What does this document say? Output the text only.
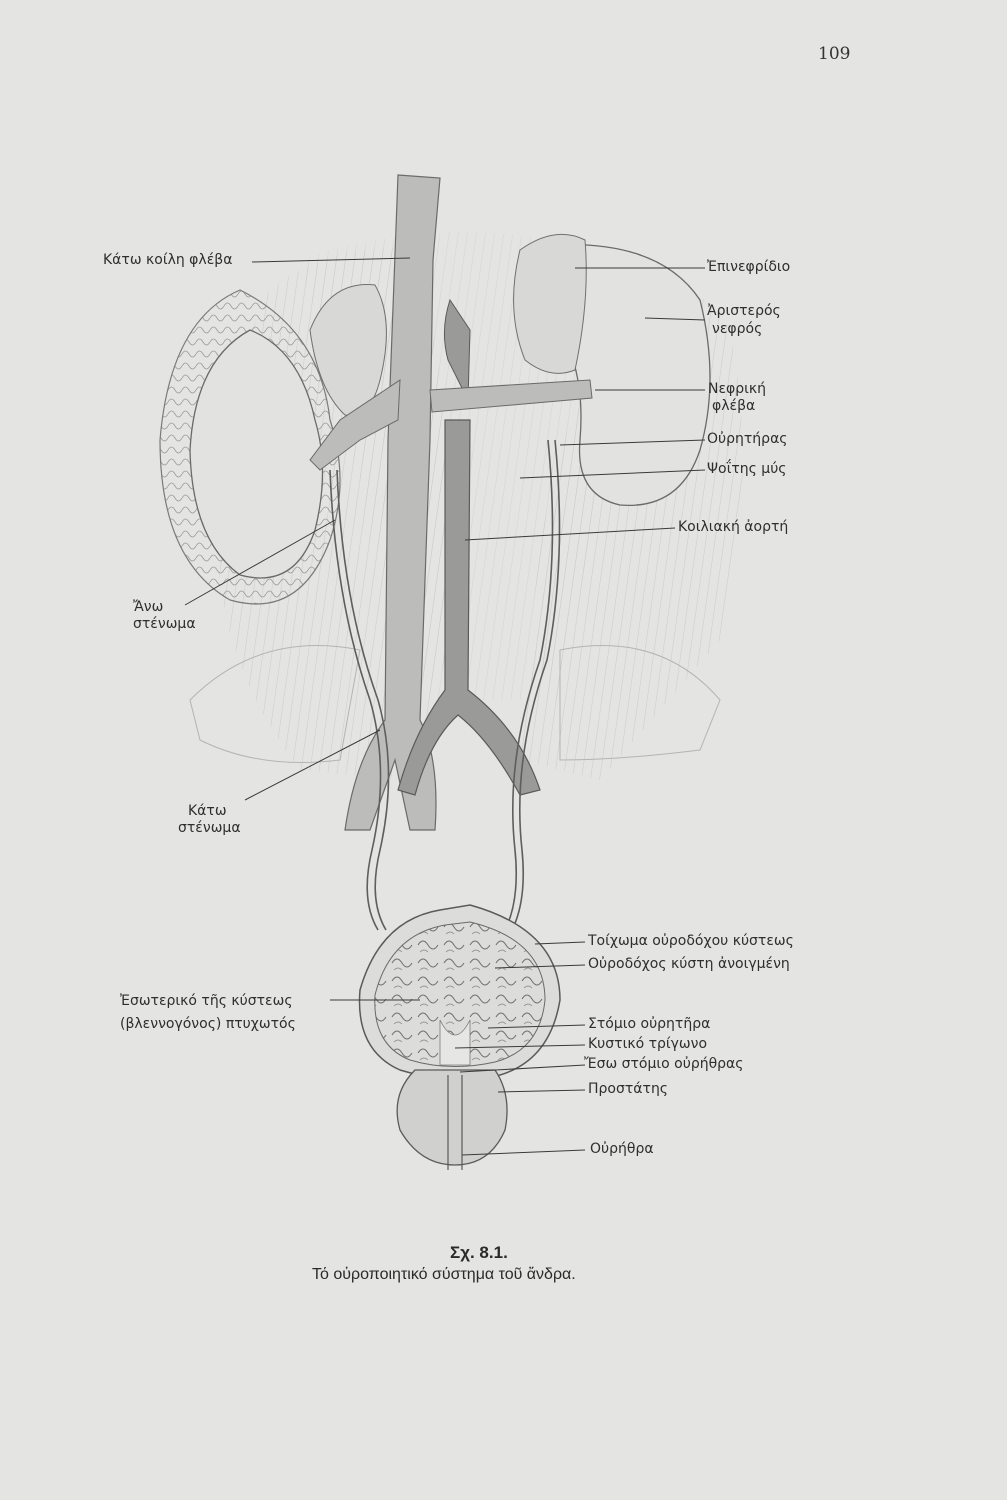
109
Κάτω κοίλη φλέβα	Ἐπινεφρίδιο
Ἀριστερός
νεφρός
Νεφρική
φλέβα
Οὐρητήρας
Ψοΐτης μύς
Κοιλιακή ἀορτή
Ἄνω
στένωμα
Κάτω
στένωμα
Τοίχωμα οὐροδόχου κύστεως
Οὐροδόχος κύστη ἀνοιγμένη
Ἐσωτερικό τῆς κύστεως
(βλεννογόνος) πτυχωτός	Στόμιο οὐρητῆρα
Κυστικό τρίγωνο
Ἔσω στόμιο οὐρήθρας
Προστάτης
Οὐρήθρα
Σχ. 8.1.
Τό οὐροποιητικό σύστημα τοῦ ἄνδρα.
